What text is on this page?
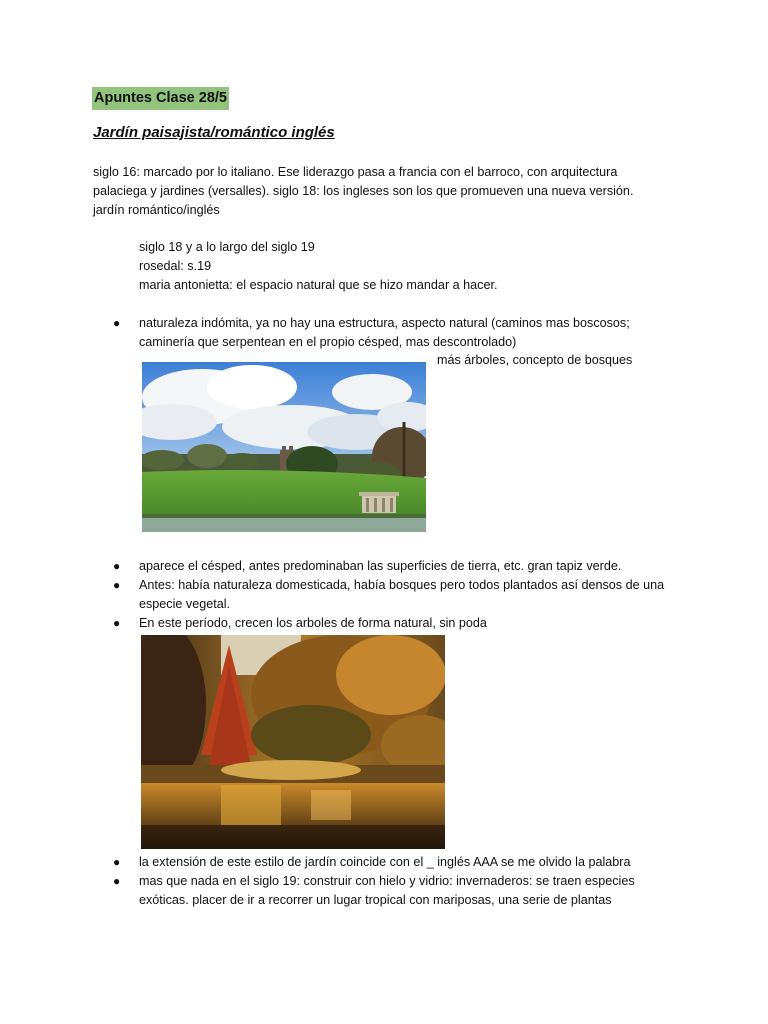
Apuntes Clase 28/5
Jardín paisajista/romántico inglés

siglo 16: marcado por lo italiano. Ese liderazgo pasa a francia con el barroco, con arquitectura

palaciega y jardines (versalles). siglo 18: los ingleses son los que promueven una nueva versión.

jardín romántico/inglés

siglo 18 y a lo largo del siglo 19

rosedal: s.19

maria antonietta: el espacio natural que se hizo mandar a hacer.

● naturaleza indómita, ya no hay una estructura, aspecto natural (caminos mas boscosos;
caminería que serpentean en el propio césped, mas descontrolado)
más árboles, concepto de bosques
● aparece el césped, antes predominaban las superficies de tierra, etc. gran tapiz verde.
● Antes: había naturaleza domesticada, había bosques pero todos plantados así densos de una
especie vegetal.
● En este período, crecen los arboles de forma natural, sin poda
● la extensión de este estilo de jardín coincide con el _ inglés AAA se me olvido la palabra
● mas que nada en el siglo 19: construir con hielo y vidrio: invernaderos: se traen especies
exóticas. placer de ir a recorrer un lugar tropical con mariposas, una serie de plantas
